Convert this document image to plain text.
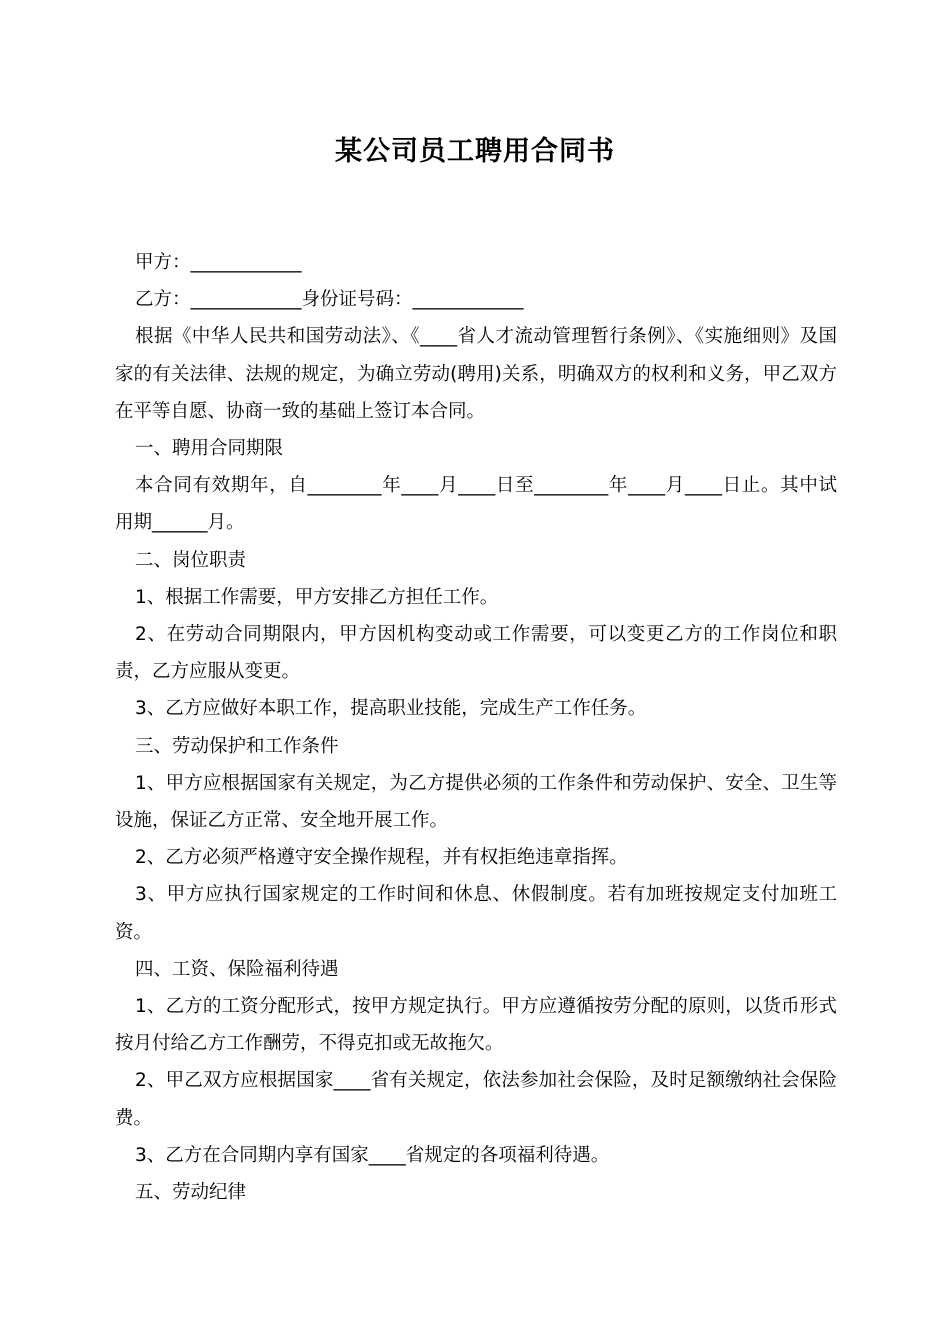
某公司员工聘用合同书

甲方：____________

乙方：____________身份证号码：____________

根据《中华人民共和国劳动法》、《____省人才流动管理暂行条例》、《实施细则》及国家的有关法律、法规的规定，为确立劳动(聘用)关系，明确双方的权利和义务，甲乙双方在平等自愿、协商一致的基础上签订本合同。

一、聘用合同期限

本合同有效期年，自________年____月____日至________年____月____日止。其中试用期______月。

二、岗位职责

1、根据工作需要，甲方安排乙方担任工作。

2、在劳动合同期限内，甲方因机构变动或工作需要，可以变更乙方的工作岗位和职责，乙方应服从变更。

3、乙方应做好本职工作，提高职业技能，完成生产工作任务。

三、劳动保护和工作条件

1、甲方应根据国家有关规定，为乙方提供必须的工作条件和劳动保护、安全、卫生等设施，保证乙方正常、安全地开展工作。

2、乙方必须严格遵守安全操作规程，并有权拒绝违章指挥。

3、甲方应执行国家规定的工作时间和休息、休假制度。若有加班按规定支付加班工资。

四、工资、保险福利待遇

1、乙方的工资分配形式，按甲方规定执行。甲方应遵循按劳分配的原则，以货币形式按月付给乙方工作酬劳，不得克扣或无故拖欠。

2、甲乙双方应根据国家____省有关规定，依法参加社会保险，及时足额缴纳社会保险费。

3、乙方在合同期内享有国家____省规定的各项福利待遇。

五、劳动纪律
